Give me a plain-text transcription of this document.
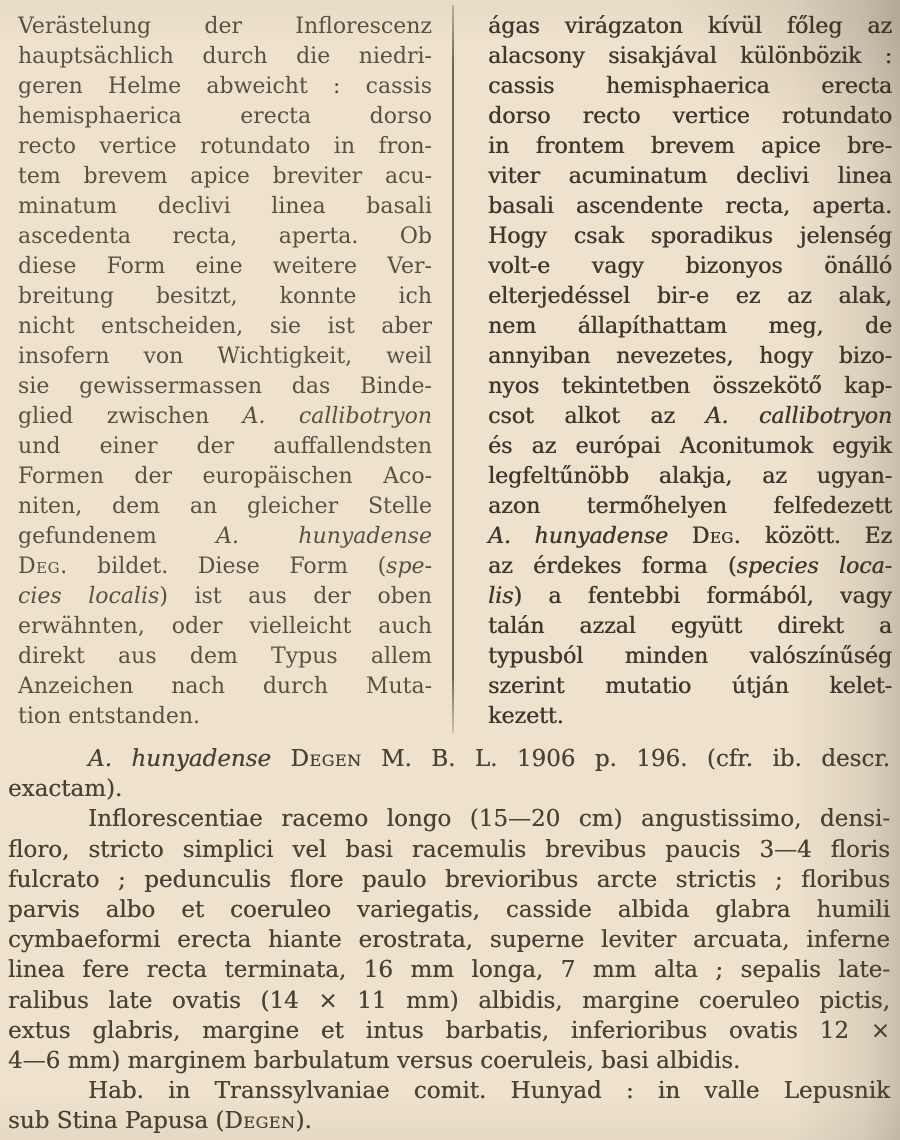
Verästelung der Inflorescenz
hauptsächlich durch die niedri-
geren Helme abweicht : cassis
hemisphaerica erecta dorso
recto vertice rotundato in fron-
tem brevem apice breviter acu-
minatum declivi linea basali
ascedenta recta, aperta. Ob
diese Form eine weitere Ver-
breitung besitzt, konnte ich
nicht entscheiden, sie ist aber
insofern von Wichtigkeit, weil
sie gewissermassen das Binde-
glied zwischen A. callibotryon
und einer der auffallendsten
Formen der europäischen Aco-
niten, dem an gleicher Stelle
gefundenem A. hunyadense
Deg. bildet. Diese Form (spe-
cies localis) ist aus der oben
erwähnten, oder vielleicht auch
direkt aus dem Typus allem
Anzeichen nach durch Muta-
tion entstanden.
ágas virágzaton kívül főleg az
alacsony sisakjával különbözik :
cassis hemisphaerica erecta
dorso recto vertice rotundato
in frontem brevem apice bre-
viter acuminatum declivi linea
basali ascendente recta, aperta.
Hogy csak sporadikus jelenség
volt-e vagy bizonyos önálló
elterjedéssel bir-e ez az alak,
nem állapíthattam meg, de
annyiban nevezetes, hogy bizo-
nyos tekintetben összekötő kap-
csot alkot az A. callibotryon
és az európai Aconitumok egyik
legfeltűnöbb alakja, az ugyan-
azon termőhelyen felfedezett
A. hunyadense Deg. között. Ez
az érdekes forma (species loca-
lis) a fentebbi formából, vagy
talán azzal együtt direkt a
typusból minden valószínűség
szerint mutatio útján kelet-
kezett.
A. hunyadense Degen M. B. L. 1906 p. 196. (cfr. ib. descr.
exactam).
Inflorescentiae racemo longo (15—20 cm) angustissimo, densi-
floro, stricto simplici vel basi racemulis brevibus paucis 3—4 floris
fulcrato ; pedunculis flore paulo brevioribus arcte strictis ; floribus
parvis albo et coeruleo variegatis, casside albida glabra humili
cymbaeformi erecta hiante erostrata, superne leviter arcuata, inferne
linea fere recta terminata, 16 mm longa, 7 mm alta ; sepalis late-
ralibus late ovatis (14 × 11 mm) albidis, margine coeruleo pictis,
extus glabris, margine et intus barbatis, inferioribus ovatis 12 ×
4—6 mm) marginem barbulatum versus coeruleis, basi albidis.
Hab. in Transsylvaniae comit. Hunyad : in valle Lepusnik
sub Stina Papusa (Degen).
